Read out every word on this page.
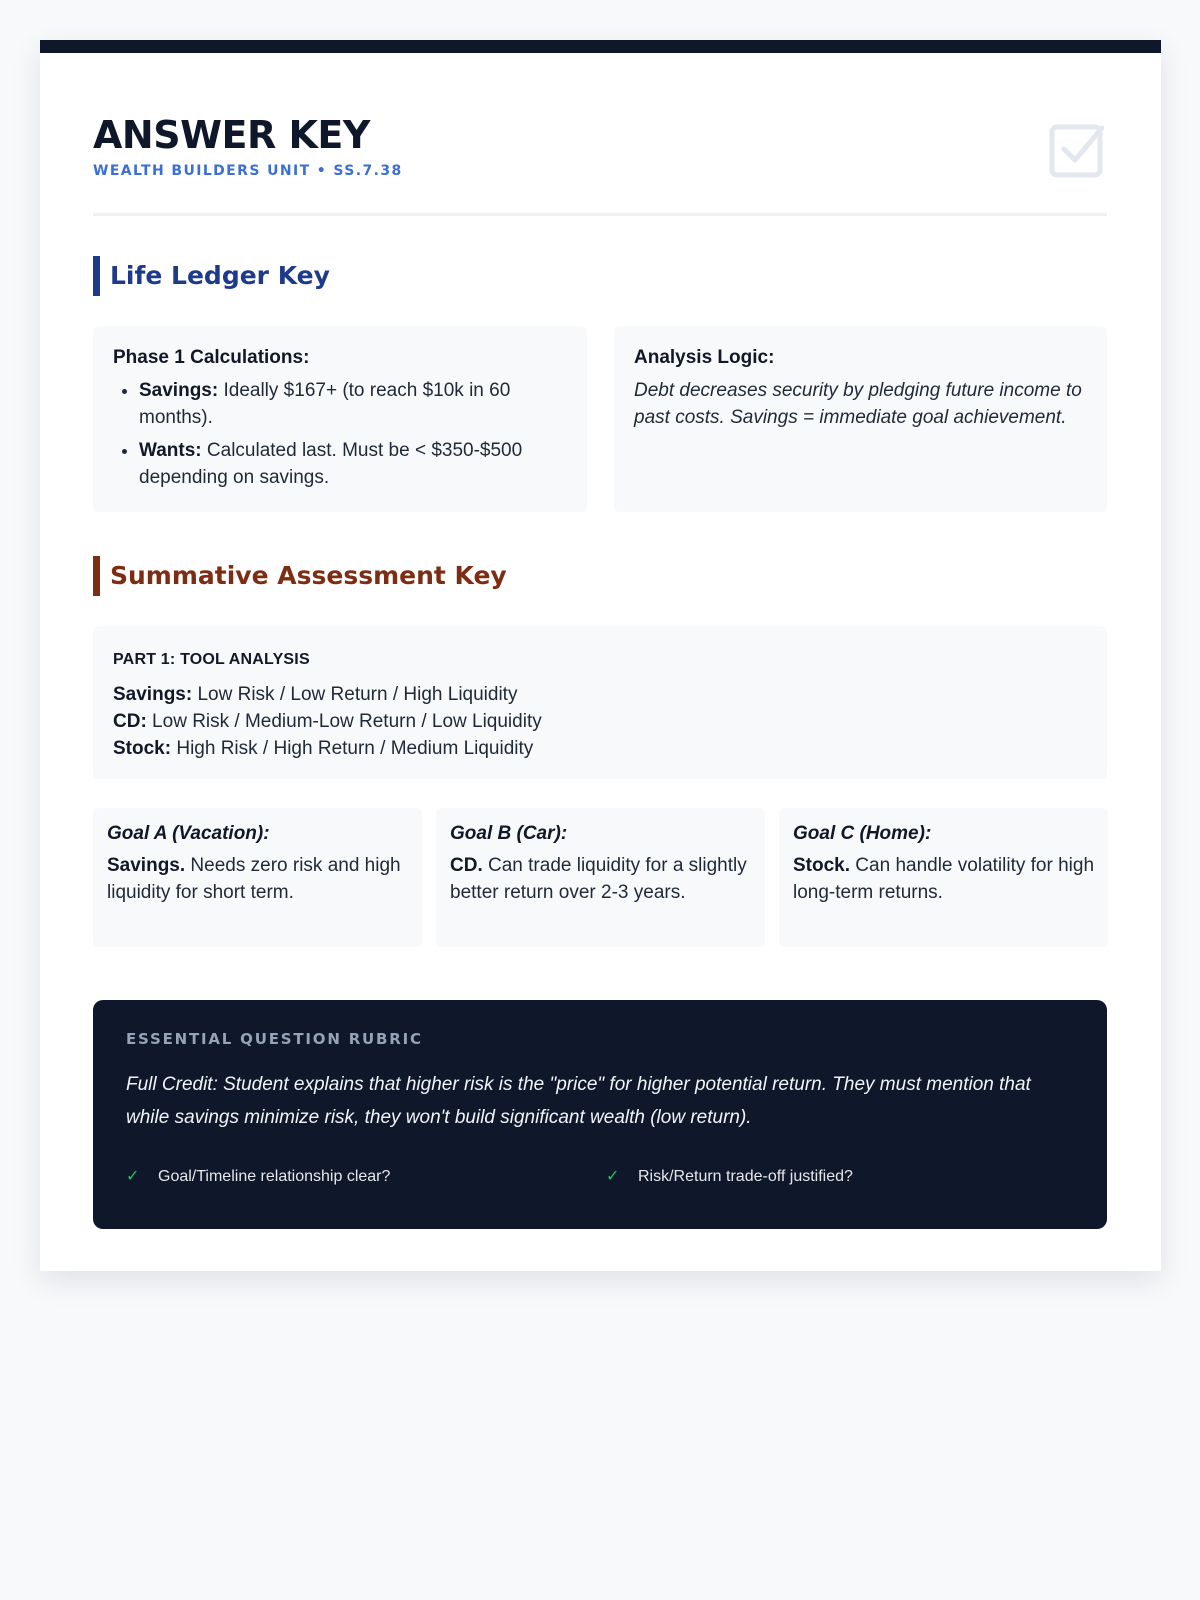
ANSWER KEY
WEALTH BUILDERS UNIT • SS.7.38
Life Ledger Key
Phase 1 Calculations:
• Savings: Ideally $167+ (to reach $10k in 60 months).
• Wants: Calculated last. Must be < $350-$500 depending on savings.
Analysis Logic:
Debt decreases security by pledging future income to past costs. Savings = immediate goal achievement.
Summative Assessment Key
PART 1: TOOL ANALYSIS
Savings: Low Risk / Low Return / High Liquidity
CD: Low Risk / Medium-Low Return / Low Liquidity
Stock: High Risk / High Return / Medium Liquidity
Goal A (Vacation):
Savings. Needs zero risk and high liquidity for short term.
Goal B (Car):
CD. Can trade liquidity for a slightly better return over 2-3 years.
Goal C (Home):
Stock. Can handle volatility for high long-term returns.
ESSENTIAL QUESTION RUBRIC

Full Credit: Student explains that higher risk is the "price" for higher potential return. They must mention that while savings minimize risk, they won't build significant wealth (low return).

✓ Goal/Timeline relationship clear?	✓ Risk/Return trade-off justified?
